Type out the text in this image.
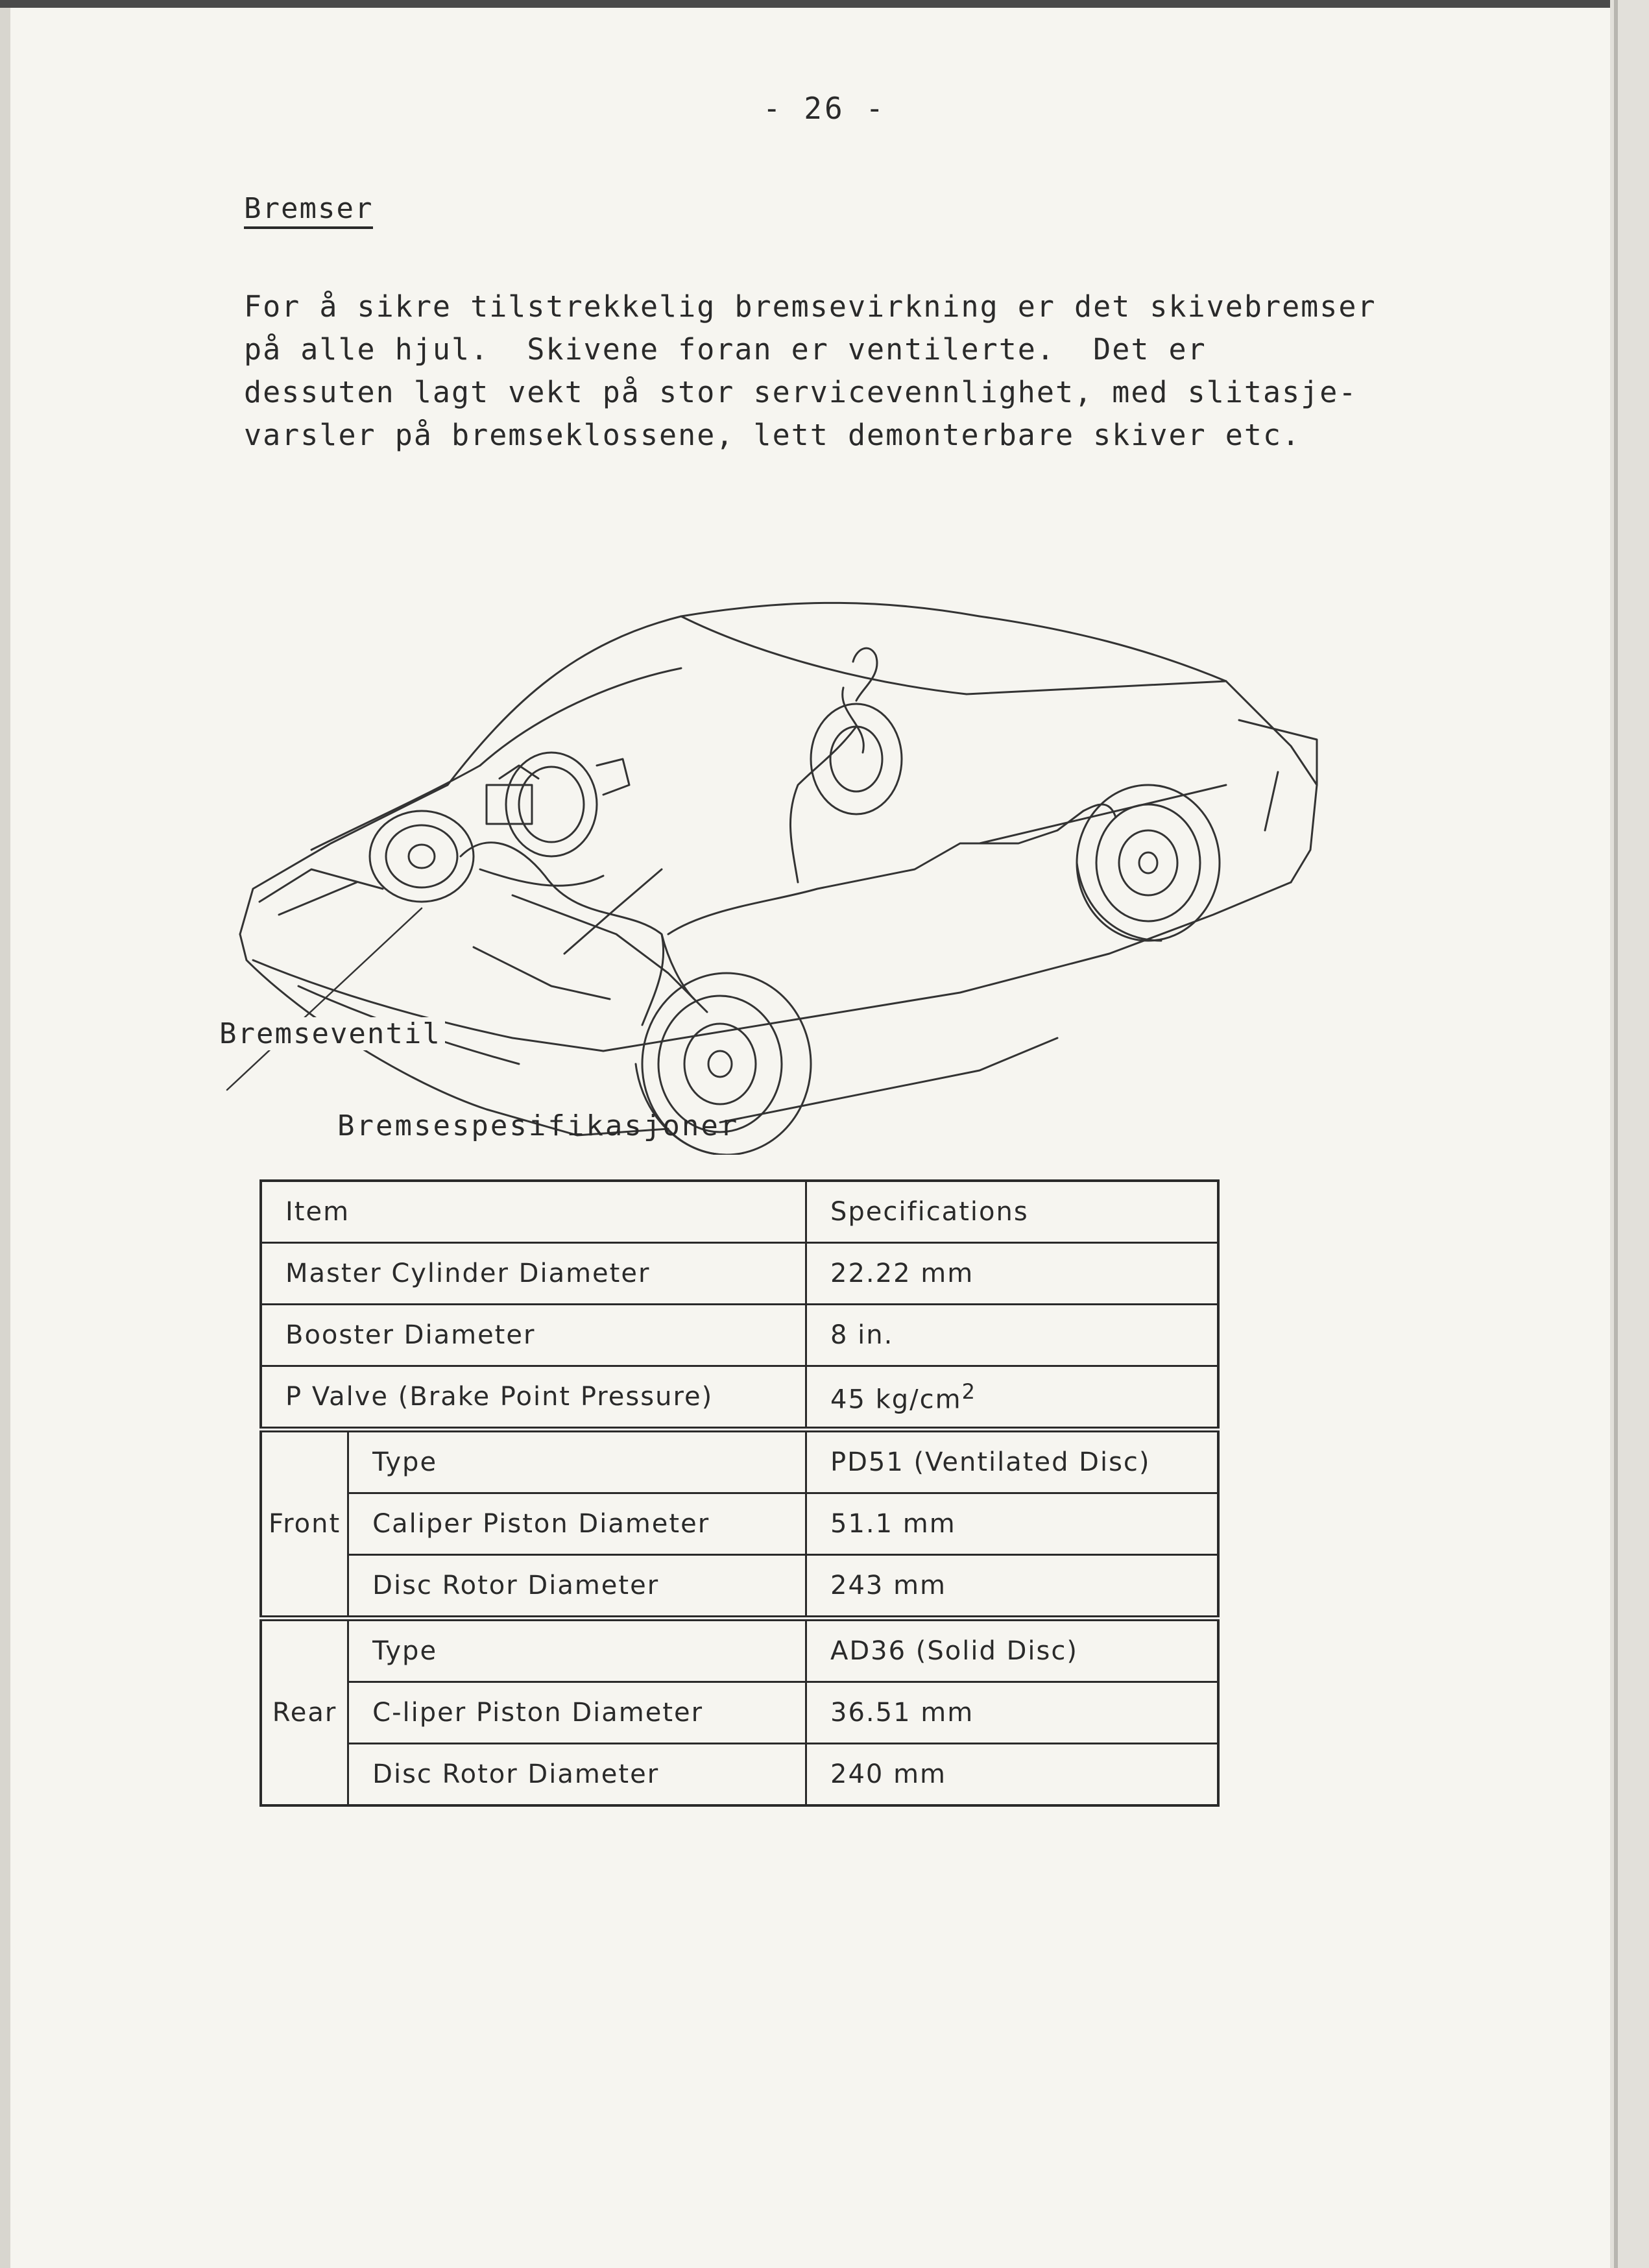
- 26 -
Bremser
For å sikre tilstrekkelig bremsevirkning er det skivebremser
på alle hjul.  Skivene foran er ventilerte.  Det er
dessuten lagt vekt på stor servicevennlighet, med slitasje-
varsler på bremseklossene, lett demonterbare skiver etc.
Bremseventil
Bremsespesifikasjoner
Item		Specifications
Master Cylinder Diameter		22.22 mm
Booster Diameter		8 in.
P Valve (Brake Point Pressure)		45 $kg/cm^2$
Front	Type	PD51 (Ventilated Disc)
	Caliper Piston Diameter	51.1 mm
	Disc Rotor Diameter	243 mm
Rear	Type	AD36 (Solid Disc)
	C-liper Piston Diameter	36.51 mm
	Disc Rotor Diameter	240 mm
